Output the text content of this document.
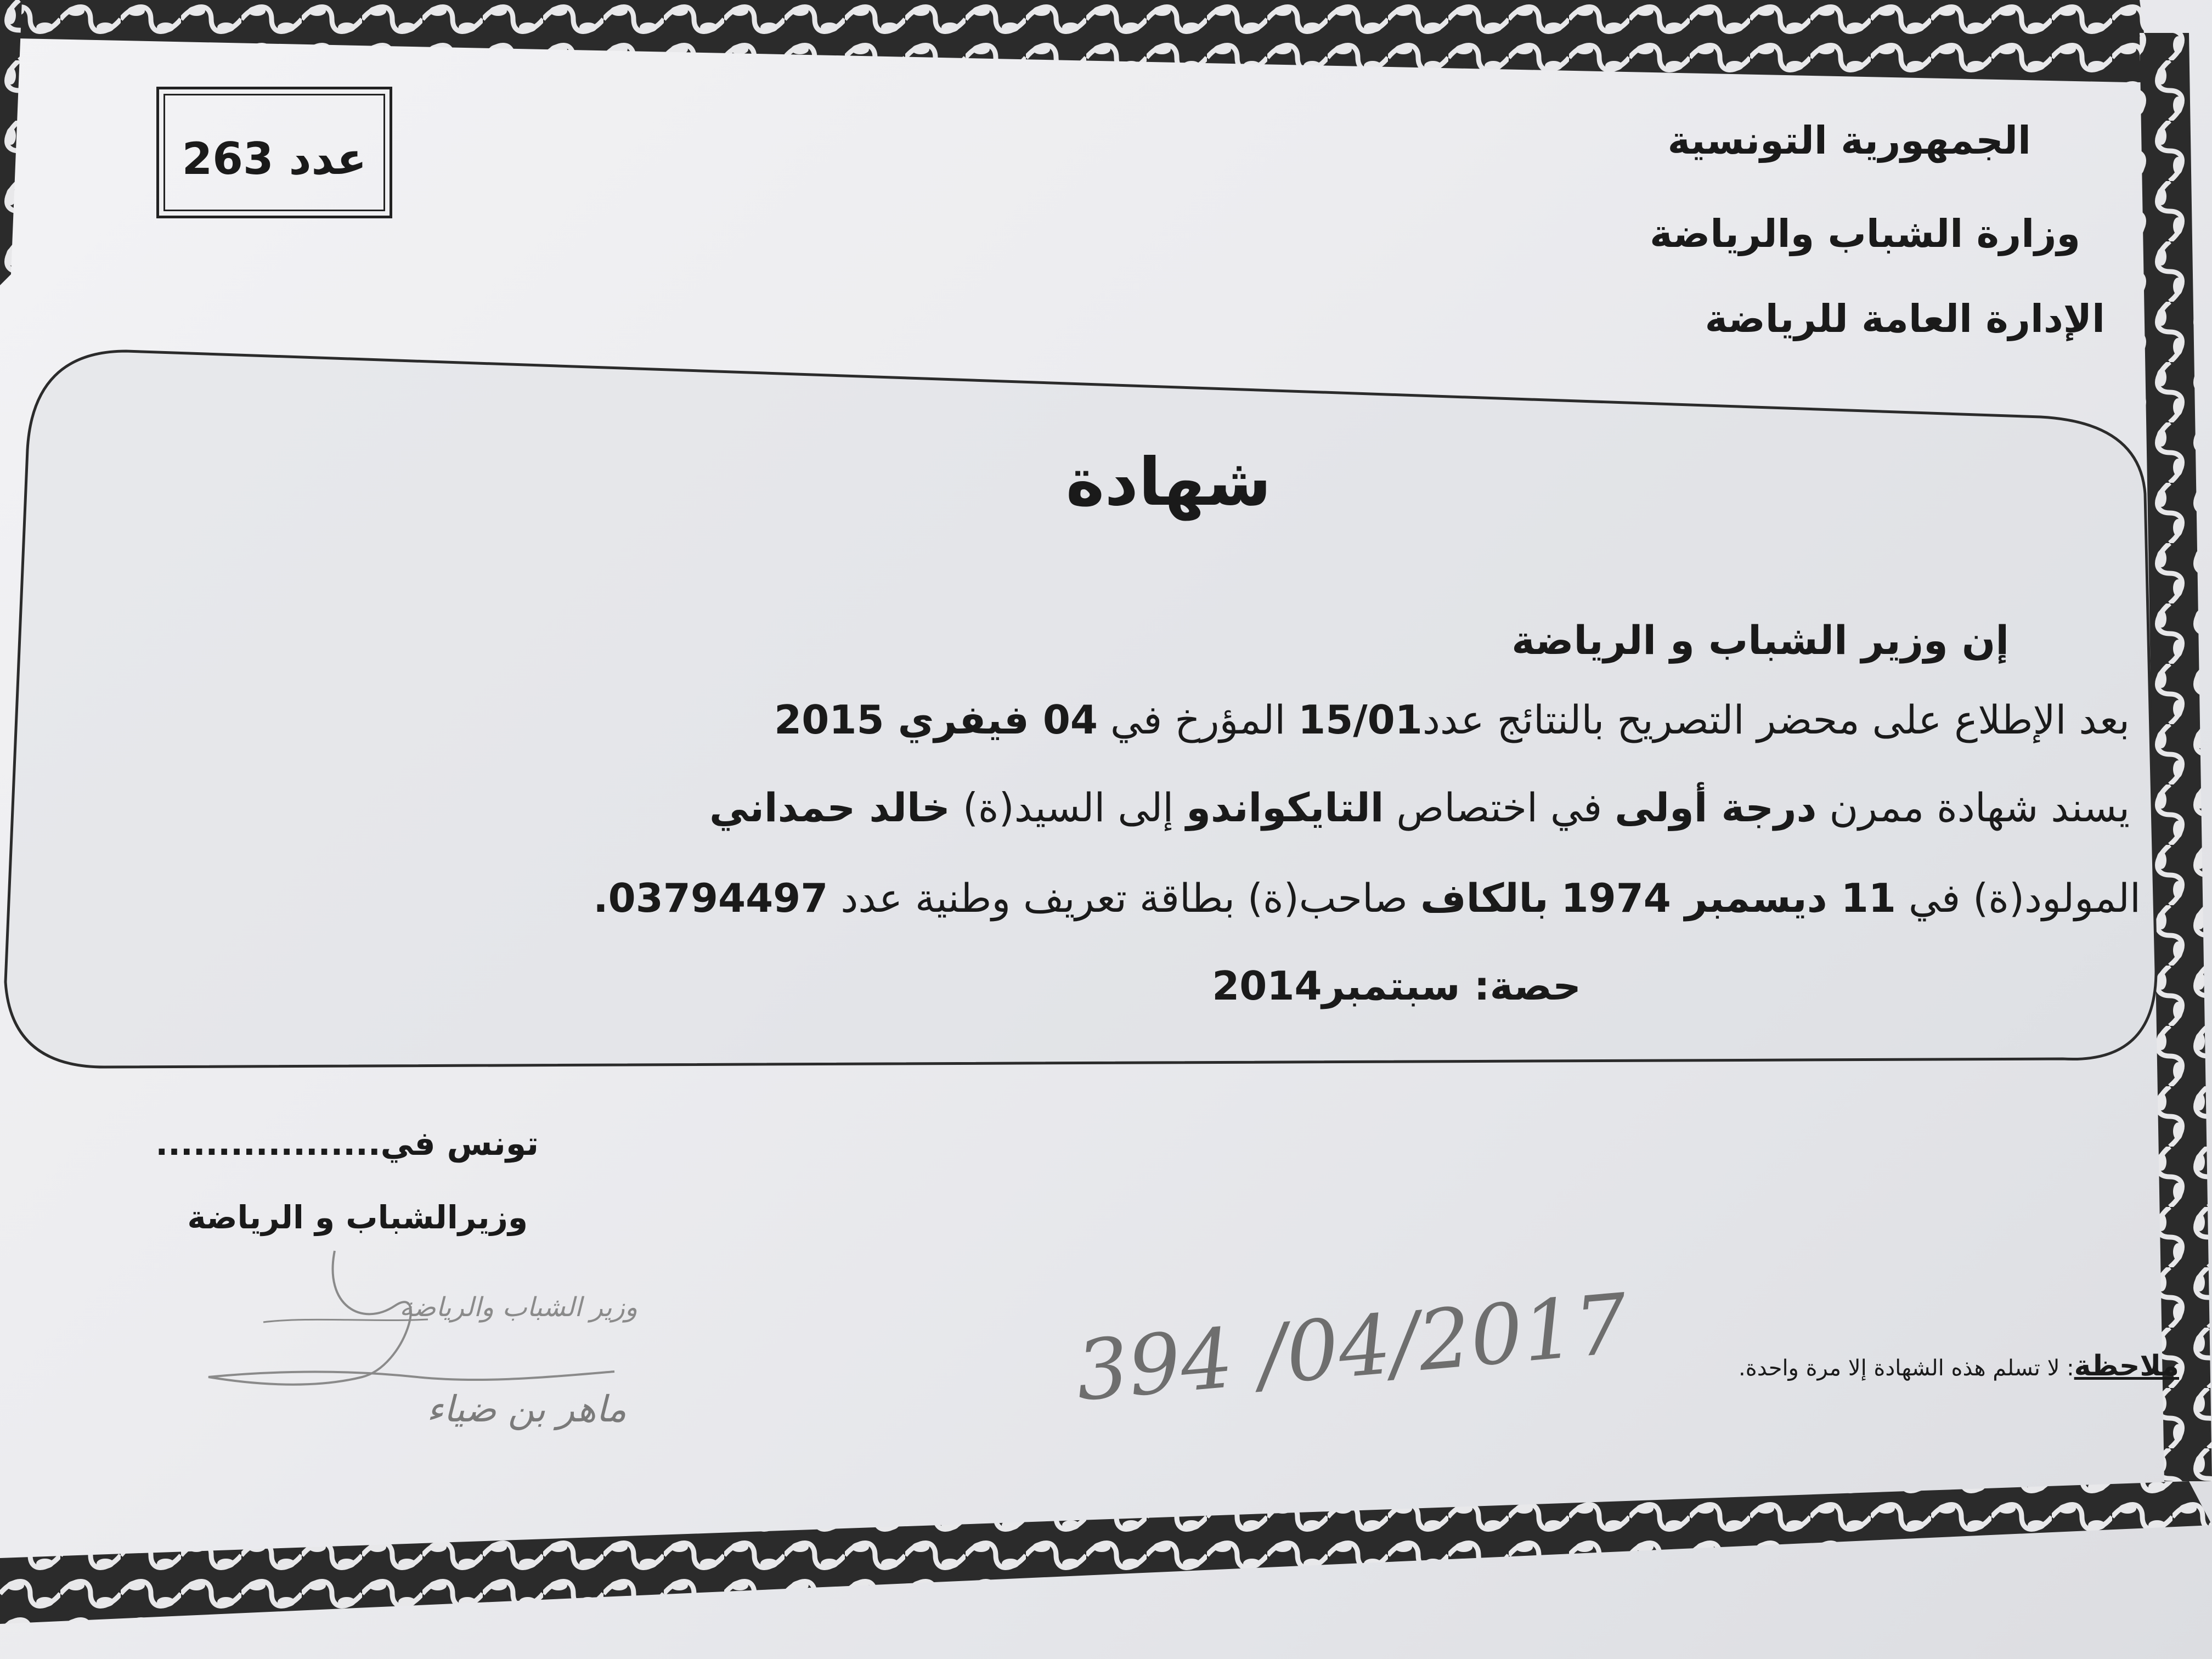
عدد 263	الجمهورية التونسية
وزارة الشباب والرياضة
الإدارة العامة للرياضة
شهادة
إن وزير الشباب و الرياضة
بعد الإطلاع على محضر التصريح بالنتائج عدد15/01 المؤرخ في 04 فيفري 2015
يسند شهادة ممرن درجة أولى في اختصاص التايكواندو إلى السيد(ة) خالد حمداني
المولود(ة) في 11 ديسمبر 1974 بالكاف صاحب(ة) بطاقة تعريف وطنية عدد 03794497.
حصة: سبتمبر2014
تونس في..................
وزيرالشباب و الرياضة
وزير الشباب والرياضة
ماهر بن ضياء	394 /04/2017	ملاحظة: لا تسلم هذه الشهادة إلا مرة واحدة.
